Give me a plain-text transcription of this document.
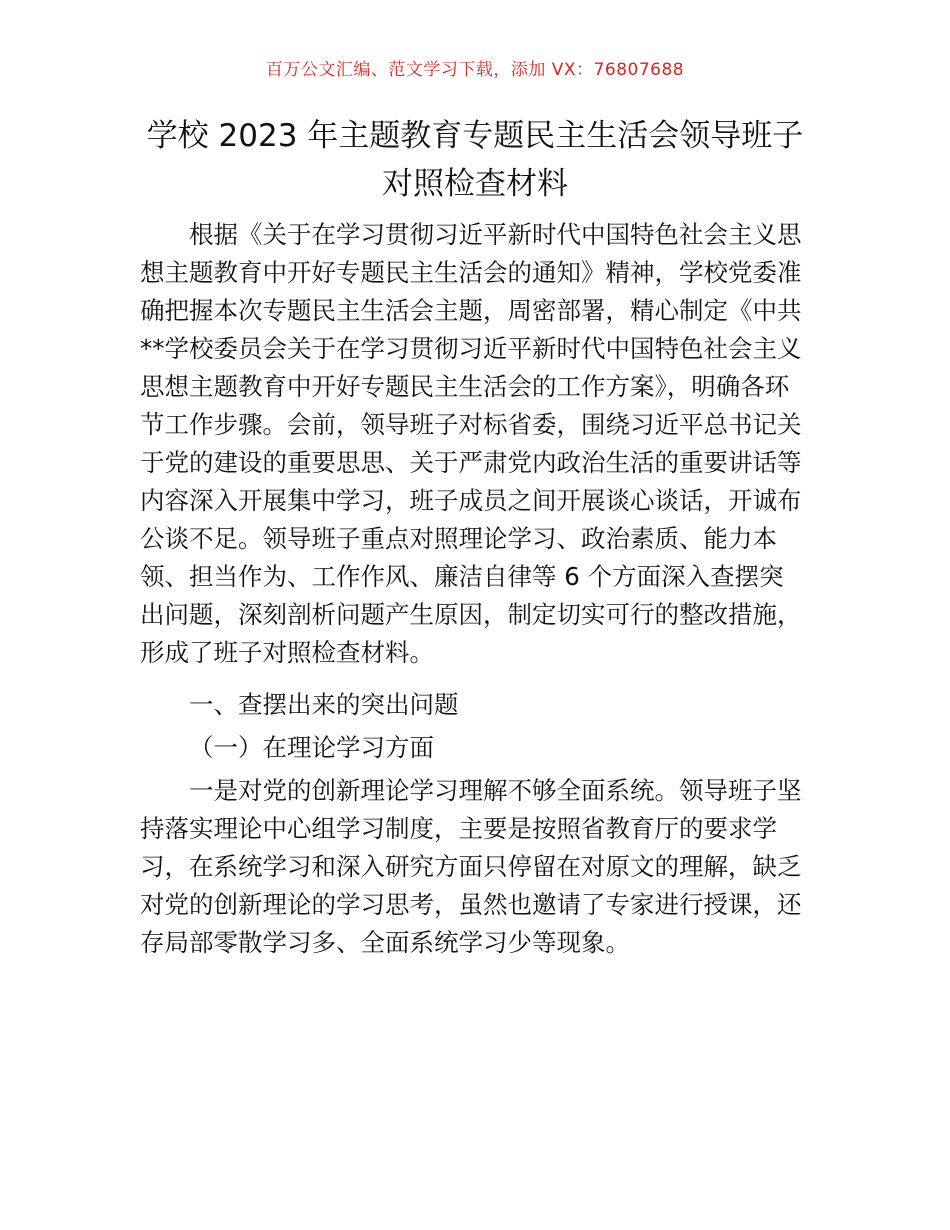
百万公文汇编、范文学习下载，添加 VX：76807688
学校 2023 年主题教育专题民主生活会领导班子
对照检查材料
根据《关于在学习贯彻习近平新时代中国特色社会主义思
想主题教育中开好专题民主生活会的通知》精神，学校党委准
确把握本次专题民主生活会主题，周密部署，精心制定《中共
**学校委员会关于在学习贯彻习近平新时代中国特色社会主义
思想主题教育中开好专题民主生活会的工作方案》，明确各环
节工作步骤。会前，领导班子对标省委，围绕习近平总书记关
于党的建设的重要思思、关于严肃党内政治生活的重要讲话等
内容深入开展集中学习，班子成员之间开展谈心谈话，开诚布
公谈不足。领导班子重点对照理论学习、政治素质、能力本
领、担当作为、工作作风、廉洁自律等 6 个方面深入查摆突
出问题，深刻剖析问题产生原因，制定切实可行的整改措施，
形成了班子对照检查材料。
一、查摆出来的突出问题
（一）在理论学习方面
一是对党的创新理论学习理解不够全面系统。领导班子坚
持落实理论中心组学习制度，主要是按照省教育厅的要求学
习，在系统学习和深入研究方面只停留在对原文的理解，缺乏
对党的创新理论的学习思考，虽然也邀请了专家进行授课，还
存局部零散学习多、全面系统学习少等现象。
